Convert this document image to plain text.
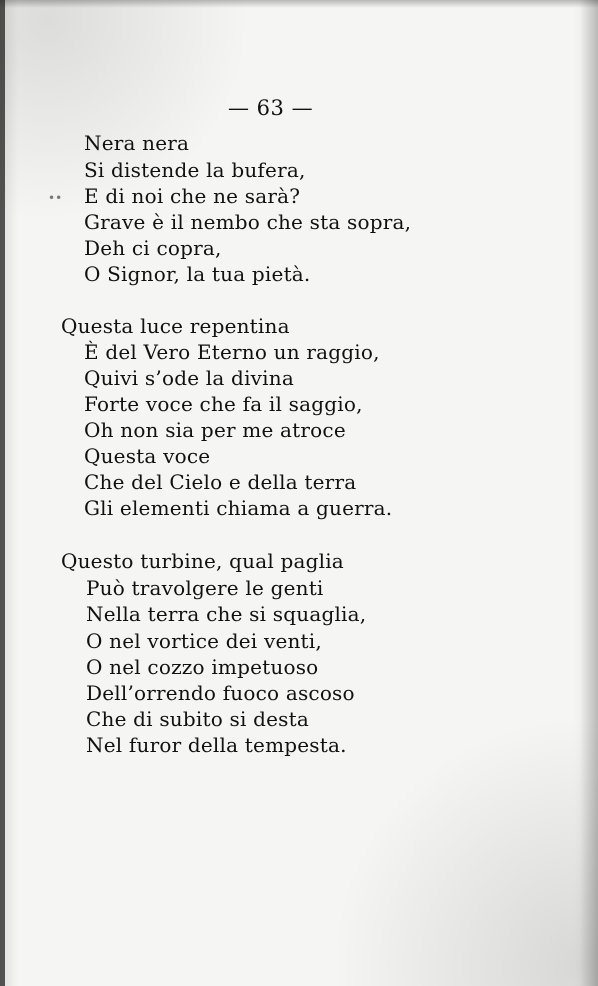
— 63 —
••
Nera nera
Si distende la bufera,
E di noi che ne sarà?
Grave è il nembo che sta sopra,
Deh ci copra,
O Signor, la tua pietà.
Questa luce repentina
È del Vero Eterno un raggio,
Quivi s’ode la divina
Forte voce che fa il saggio,
Oh non sia per me atroce
Questa voce
Che del Cielo e della terra
Gli elementi chiama a guerra.
Questo turbine, qual paglia
Può travolgere le genti
Nella terra che si squaglia,
O nel vortice dei venti,
O nel cozzo impetuoso
Dell’orrendo fuoco ascoso
Che di subito si desta
Nel furor della tempesta.
